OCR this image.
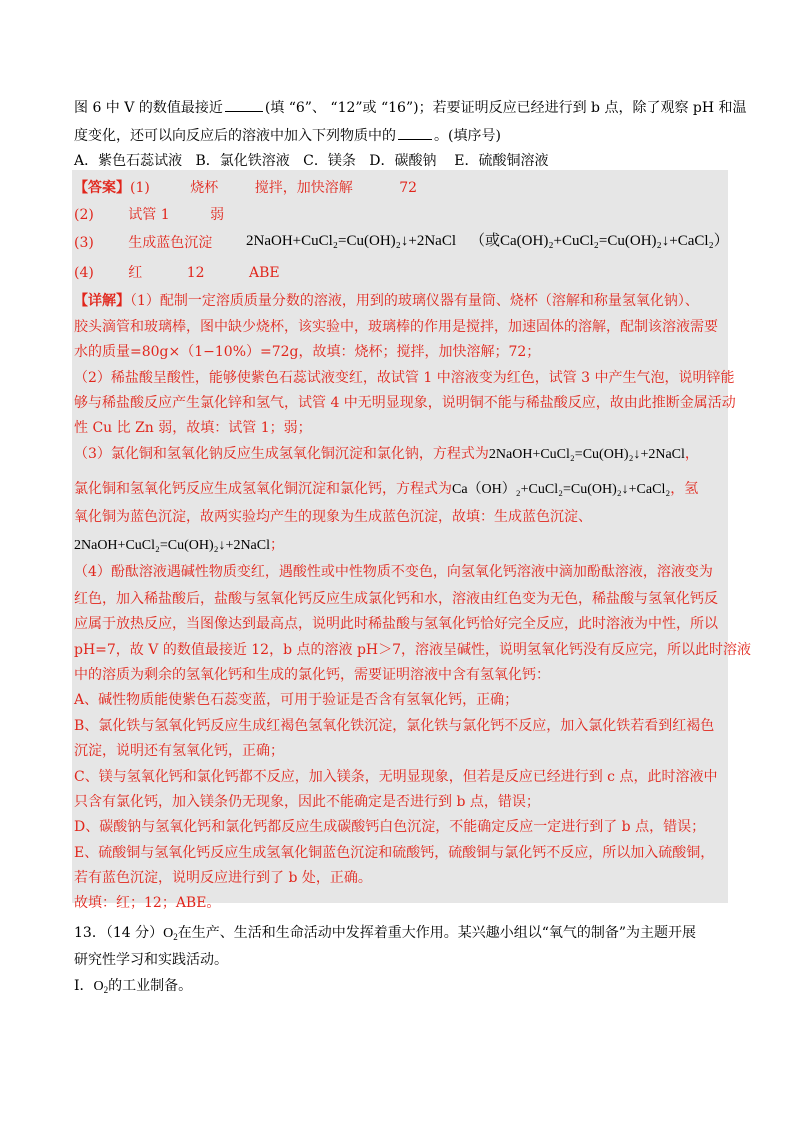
图 6 中 V 的数值最接近	(填 “6”、 “12”或 “16”)；若要证明反应已经进行到 b 点，除了观察 pH 和温
度变化，还可以向反应后的溶液中加入下列物质中的	。(填序号)
A．紫色石蕊试液 B．氯化铁溶液 C．镁条 D．碳酸钠 E．硫酸铜溶液
【答案】(1)	烧杯	搅拌，加快溶解	72
(2) 试管 1	弱
(3) 生成蓝色沉淀 2NaOH+CuCl₂=Cu(OH)₂↓+2NaCl （或Ca(OH)₂+CuCl₂=Cu(OH)₂↓+CaCl₂）
(4) 红	12	ABE
【详解】（1）配制一定溶质质量分数的溶液，用到的玻璃仪器有量筒、烧杯（溶解和称量氢氧化钠）、
胶头滴管和玻璃棒，图中缺少烧杯，该实验中，玻璃棒的作用是搅拌，加速固体的溶解，配制该溶液需要
水的质量=80g×（1−10%）=72g，故填：烧杯；搅拌，加快溶解；72；
（2）稀盐酸呈酸性，能够使紫色石蕊试液变红，故试管 1 中溶液变为红色，试管 3 中产生气泡，说明锌能
够与稀盐酸反应产生氯化锌和氢气，试管 4 中无明显现象，说明铜不能与稀盐酸反应，故由此推断金属活动
性 Cu 比 Zn 弱，故填：试管 1；弱；
（3）氯化铜和氢氧化钠反应生成氢氧化铜沉淀和氯化钠，方程式为2NaOH+CuCl₂=Cu(OH)₂↓+2NaCl，
氯化铜和氢氧化钙反应生成氢氧化铜沉淀和氯化钙，方程式为Ca（OH）₂+CuCl₂=Cu(OH)₂↓+CaCl₂，氢
氧化铜为蓝色沉淀，故两实验均产生的现象为生成蓝色沉淀，故填：生成蓝色沉淀、
2NaOH+CuCl₂=Cu(OH)₂↓+2NaCl；
（4）酚酞溶液遇碱性物质变红，遇酸性或中性物质不变色，向氢氧化钙溶液中滴加酚酞溶液，溶液变为
红色，加入稀盐酸后，盐酸与氢氧化钙反应生成氯化钙和水，溶液由红色变为无色，稀盐酸与氢氧化钙反
应属于放热反应，当图像达到最高点，说明此时稀盐酸与氢氧化钙恰好完全反应，此时溶液为中性，所以
pH=7，故 V 的数值最接近 12，b 点的溶液 pH＞7，溶液呈碱性，说明氢氧化钙没有反应完，所以此时溶液
中的溶质为剩余的氢氧化钙和生成的氯化钙，需要证明溶液中含有氢氧化钙：
A、碱性物质能使紫色石蕊变蓝，可用于验证是否含有氢氧化钙，正确；
B、氯化铁与氢氧化钙反应生成红褐色氢氧化铁沉淀，氯化铁与氯化钙不反应，加入氯化铁若看到红褐色
沉淀，说明还有氢氧化钙，正确；
C、镁与氢氧化钙和氯化钙都不反应，加入镁条，无明显现象，但若是反应已经进行到 c 点，此时溶液中
只含有氯化钙，加入镁条仍无现象，因此不能确定是否进行到 b 点，错误；
D、碳酸钠与氢氧化钙和氯化钙都反应生成碳酸钙白色沉淀，不能确定反应一定进行到了 b 点，错误；
E、硫酸铜与氢氧化钙反应生成氢氧化铜蓝色沉淀和硫酸钙，硫酸铜与氯化钙不反应，所以加入硫酸铜，
若有蓝色沉淀，说明反应进行到了 b 处，正确。
故填：红；12；ABE。
13．（14 分）$O_2$在生产、生活和生命活动中发挥着重大作用。某兴趣小组以“氧气的制备”为主题开展
研究性学习和实践活动。
I．$O_2$的工业制备。
